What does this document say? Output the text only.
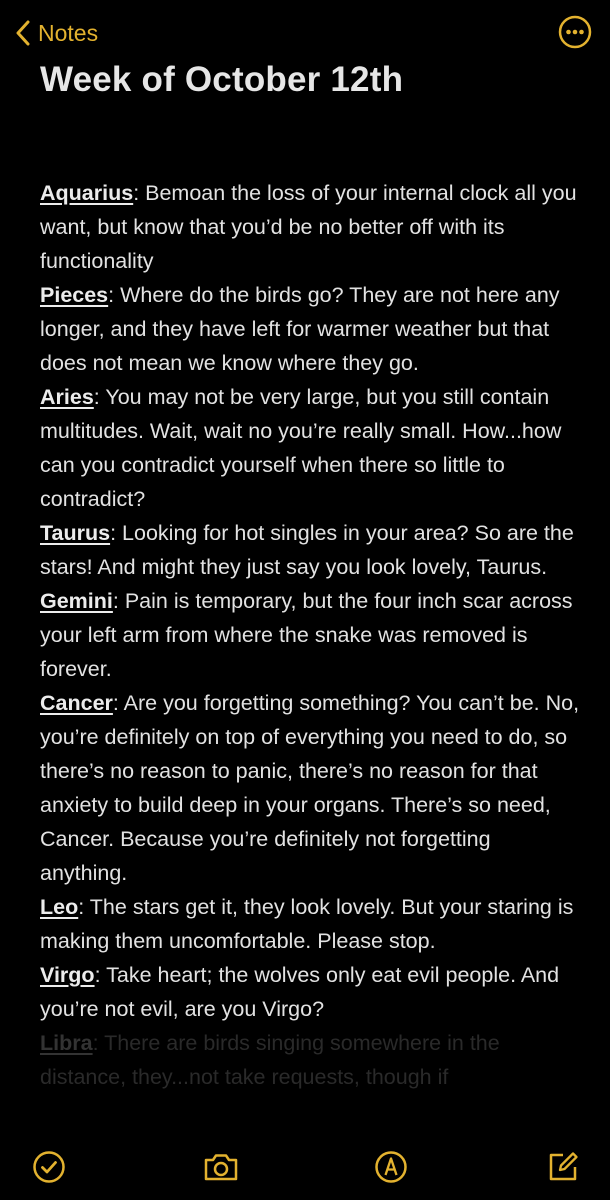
Notes
Week of October 12th

Aquarius: Bemoan the loss of your internal clock all you want, but know that you’d be no better off with its functionality

Pieces: Where do the birds go? They are not here any longer, and they have left for warmer weather but that does not mean we know where they go.

Aries: You may not be very large, but you still contain multitudes. Wait, wait no you’re really small. How...how can you contradict yourself when there so little to contradict?

Taurus: Looking for hot singles in your area? So are the stars! And might they just say you look lovely, Taurus.

Gemini: Pain is temporary, but the four inch scar across your left arm from where the snake was removed is forever.

Cancer: Are you forgetting something? You can’t be. No, you’re definitely on top of everything you need to do, so there’s no reason to panic, there’s no reason for that anxiety to build deep in your organs. There’s so need, Cancer. Because you’re definitely not forgetting anything.

Leo: The stars get it, they look lovely. But your staring is making them uncomfortable. Please stop.

Virgo: Take heart; the wolves only eat evil people. And you’re not evil, are you Virgo?

Libra: There are birds singing somewhere in the distance, they...not take requests, though if
